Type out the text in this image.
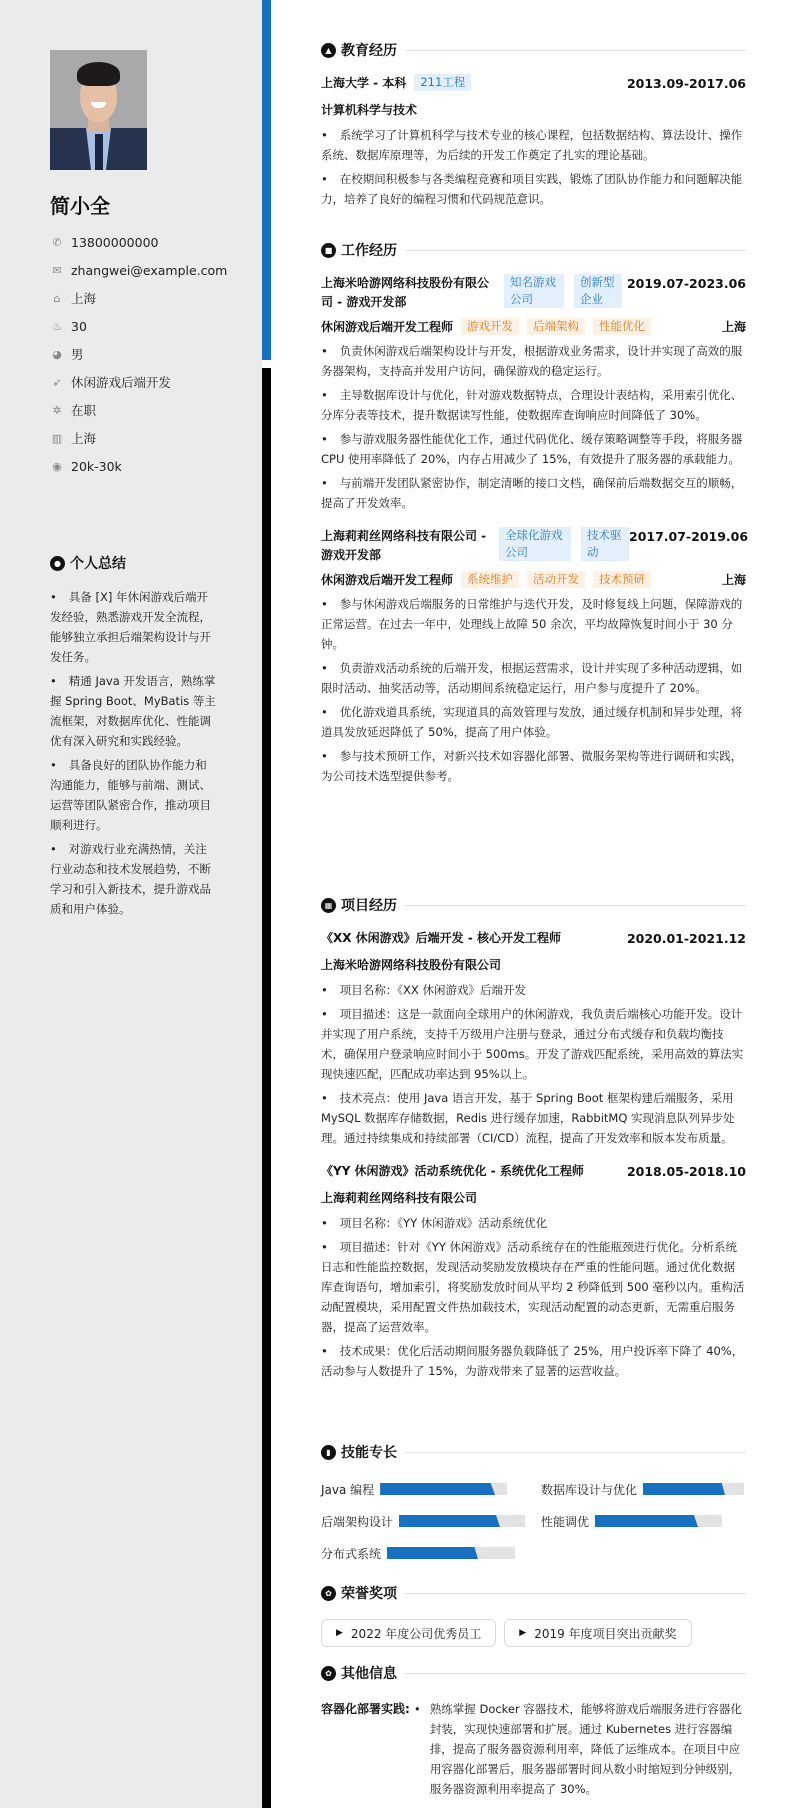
简小全
✆ 13800000000
✉ zhangwei@example.com
⌂ 上海
♨ 30
◕ 男
➶ 休闲游戏后端开发
✲ 在职
▥ 上海
◉ 20k-30k
● 个人总结
• 具备 [X] 年休闲游戏后端开发经验，熟悉游戏开发全流程，能够独立承担后端架构设计与开发任务。
• 精通 Java 开发语言，熟练掌握 Spring Boot、MyBatis 等主流框架，对数据库优化、性能调优有深入研究和实践经验。
• 具备良好的团队协作能力和沟通能力，能够与前端、测试、运营等团队紧密合作，推动项目顺利进行。
• 对游戏行业充满热情，关注行业动态和技术发展趋势，不断学习和引入新技术，提升游戏品质和用户体验。
▲ 教育经历
上海大学 - 本科	211工程	2013.09-2017.06
计算机科学与技术
• 系统学习了计算机科学与技术专业的核心课程，包括数据结构、算法设计、操作系统、数据库原理等，为后续的开发工作奠定了扎实的理论基础。
• 在校期间积极参与各类编程竞赛和项目实践，锻炼了团队协作能力和问题解决能力，培养了良好的编程习惯和代码规范意识。
■ 工作经历
上海米哈游网络科技股份有限公司 - 游戏开发部
知名游戏公司
创新型企业
2019.07-2023.06
休闲游戏后端开发工程师	游戏开发	后端架构	性能优化	上海
• 负责休闲游戏后端架构设计与开发，根据游戏业务需求，设计并实现了高效的服务器架构，支持高并发用户访问，确保游戏的稳定运行。
• 主导数据库设计与优化，针对游戏数据特点，合理设计表结构，采用索引优化、分库分表等技术，提升数据读写性能，使数据库查询响应时间降低了 30%。
• 参与游戏服务器性能优化工作，通过代码优化、缓存策略调整等手段，将服务器 CPU 使用率降低了 20%，内存占用减少了 15%，有效提升了服务器的承载能力。
• 与前端开发团队紧密协作，制定清晰的接口文档，确保前后端数据交互的顺畅，提高了开发效率。
上海莉莉丝网络科技有限公司 - 游戏开发部
全球化游戏公司
技术驱动
2017.07-2019.06
休闲游戏后端开发工程师	系统维护	活动开发	技术预研	上海
• 参与休闲游戏后端服务的日常维护与迭代开发，及时修复线上问题，保障游戏的正常运营。在过去一年中，处理线上故障 50 余次，平均故障恢复时间小于 30 分钟。
• 负责游戏活动系统的后端开发，根据运营需求，设计并实现了多种活动逻辑，如限时活动、抽奖活动等，活动期间系统稳定运行，用户参与度提升了 20%。
• 优化游戏道具系统，实现道具的高效管理与发放，通过缓存机制和异步处理，将道具发放延迟降低了 50%，提高了用户体验。
• 参与技术预研工作，对新兴技术如容器化部署、微服务架构等进行调研和实践，为公司技术选型提供参考。
▦ 项目经历
《XX 休闲游戏》后端开发 - 核心开发工程师	2020.01-2021.12
上海米哈游网络科技股份有限公司
• 项目名称：《XX 休闲游戏》后端开发
• 项目描述：这是一款面向全球用户的休闲游戏，我负责后端核心功能开发。设计并实现了用户系统，支持千万级用户注册与登录，通过分布式缓存和负载均衡技术，确保用户登录响应时间小于 500ms。开发了游戏匹配系统，采用高效的算法实现快速匹配，匹配成功率达到 95%以上。
• 技术亮点：使用 Java 语言开发，基于 Spring Boot 框架构建后端服务，采用 MySQL 数据库存储数据，Redis 进行缓存加速，RabbitMQ 实现消息队列异步处理。通过持续集成和持续部署（CI/CD）流程，提高了开发效率和版本发布质量。
《YY 休闲游戏》活动系统优化 - 系统优化工程师	2018.05-2018.10
上海莉莉丝网络科技有限公司
• 项目名称：《YY 休闲游戏》活动系统优化
• 项目描述：针对《YY 休闲游戏》活动系统存在的性能瓶颈进行优化。分析系统日志和性能监控数据，发现活动奖励发放模块存在严重的性能问题。通过优化数据库查询语句，增加索引，将奖励发放时间从平均 2 秒降低到 500 毫秒以内。重构活动配置模块，采用配置文件热加载技术，实现活动配置的动态更新，无需重启服务器，提高了运营效率。
• 技术成果：优化后活动期间服务器负载降低了 25%，用户投诉率下降了 40%，活动参与人数提升了 15%，为游戏带来了显著的运营收益。
▮ 技能专长
Java 编程	数据库设计与优化
后端架构设计	性能调优
分布式系统
✿ 荣誉奖项
▶ 2022 年度公司优秀员工	▶ 2019 年度项目突出贡献奖
✿ 其他信息
容器化部署实践:	• 熟练掌握 Docker 容器技术，能够将游戏后端服务进行容器化封装，实现快速部署和扩展。通过 Kubernetes 进行容器编排，提高了服务器资源利用率，降低了运维成本。在项目中应用容器化部署后，服务器部署时间从数小时缩短到分钟级别，服务器资源利用率提高了 30%。
